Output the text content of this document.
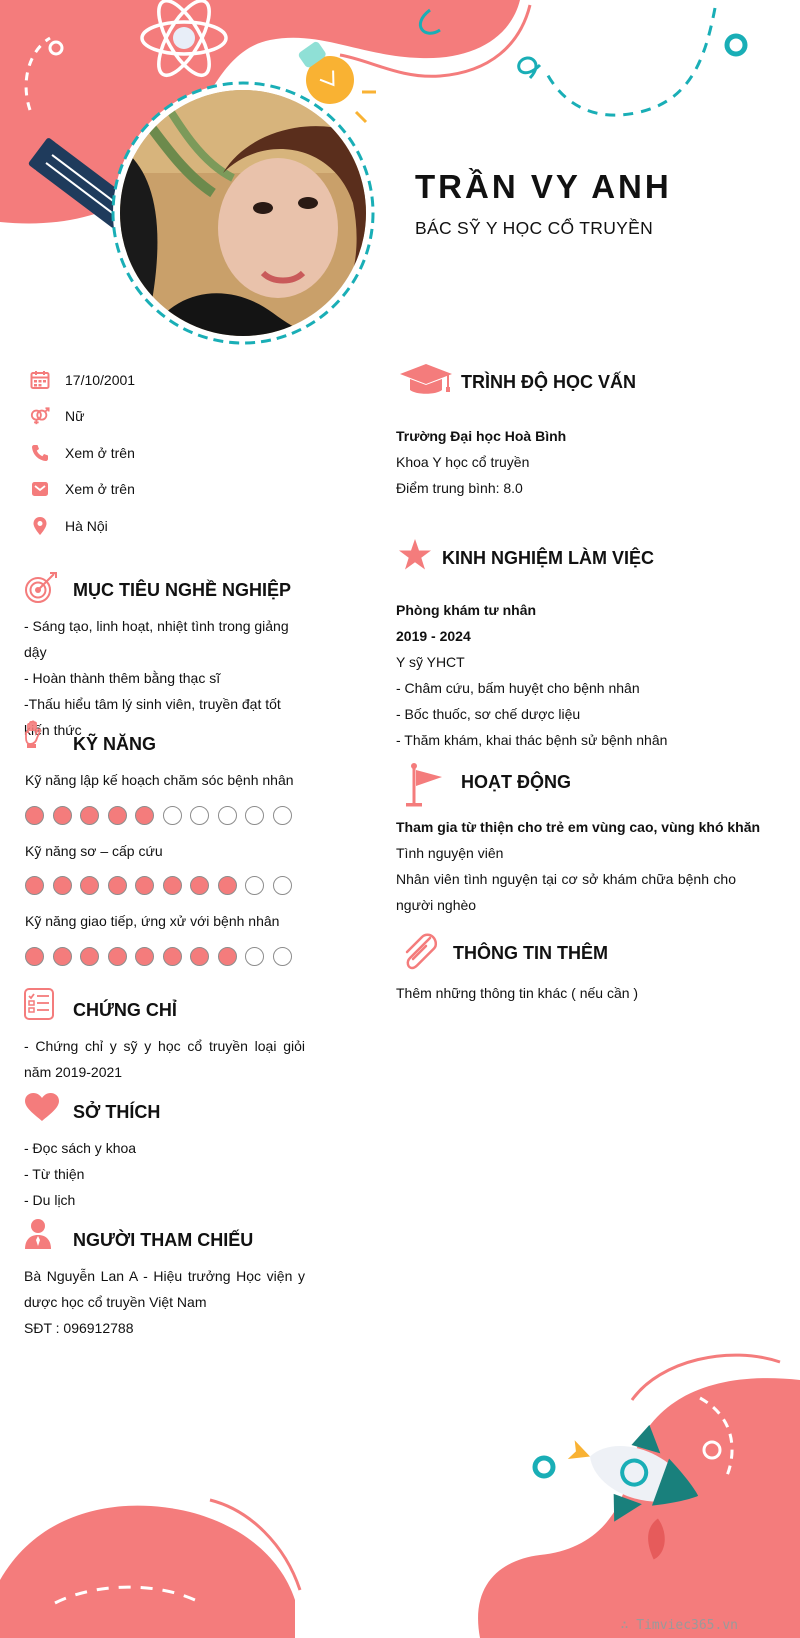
TRẦN VY ANH
BÁC SỸ Y HỌC CỔ TRUYỀN
17/10/2001
Nữ
Xem ở trên
Xem ở trên
Hà Nội
MỤC TIÊU NGHỀ NGHIỆP
- Sáng tạo, linh hoạt, nhiệt tình trong giảng dậy
- Hoàn thành thêm bằng thạc sĩ
-Thấu hiểu tâm lý sinh viên, truyền đạt tốt kiến thức
KỸ NĂNG
Kỹ năng lập kế hoạch chăm sóc bệnh nhân
Kỹ năng sơ – cấp cứu
Kỹ năng giao tiếp, ứng xử với bệnh nhân
CHỨNG CHỈ
- Chứng chỉ y sỹ y học cổ truyền loại giỏi năm 2019-2021
SỞ THÍCH
- Đọc sách y khoa
- Từ thiện
- Du lịch
NGƯỜI THAM CHIẾU
Bà Nguyễn Lan A - Hiệu trưởng Học viện y dược học cổ truyền Việt Nam
SĐT : 096912788
TRÌNH ĐỘ HỌC VẤN
Trường Đại học Hoà Bình
Khoa Y học cổ truyền
Điểm trung bình: 8.0
KINH NGHIỆM LÀM VIỆC
Phòng khám tư nhân
2019 - 2024
Y sỹ YHCT
- Châm cứu, bấm huyệt cho bệnh nhân
- Bốc thuốc, sơ chế dược liệu
- Thăm khám, khai thác bệnh sử bệnh nhân
HOẠT ĐỘNG
Tham gia từ thiện cho trẻ em vùng cao, vùng khó khăn
Tình nguyện viên
Nhân viên tình nguyện tại cơ sở khám chữa bệnh cho người nghèo
THÔNG TIN THÊM
Thêm những thông tin khác ( nếu cần )
∴ Timviec365.vn
